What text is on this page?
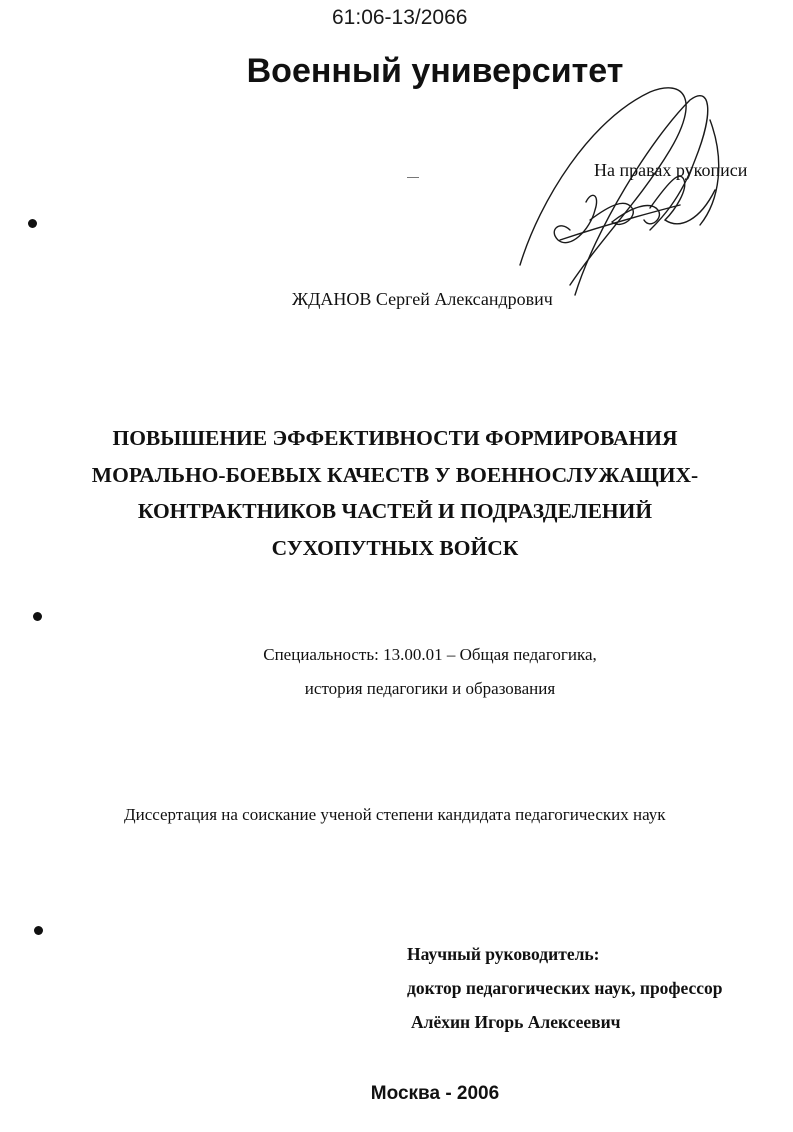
61:06-13/2066
Военный университет
На правах рукописи
ЖДАНОВ Сергей Александрович
ПОВЫШЕНИЕ ЭФФЕКТИВНОСТИ ФОРМИРОВАНИЯ
МОРАЛЬНО-БОЕВЫХ КАЧЕСТВ У ВОЕННОСЛУЖАЩИХ-
КОНТРАКТНИКОВ ЧАСТЕЙ И ПОДРАЗДЕЛЕНИЙ
СУХОПУТНЫХ ВОЙСК
Специальность: 13.00.01 – Общая педагогика,
история педагогики и образования
Диссертация на соискание ученой степени кандидата педагогических наук
Научный руководитель:
доктор педагогических наук, профессор
Алёхин Игорь Алексеевич
Москва - 2006
